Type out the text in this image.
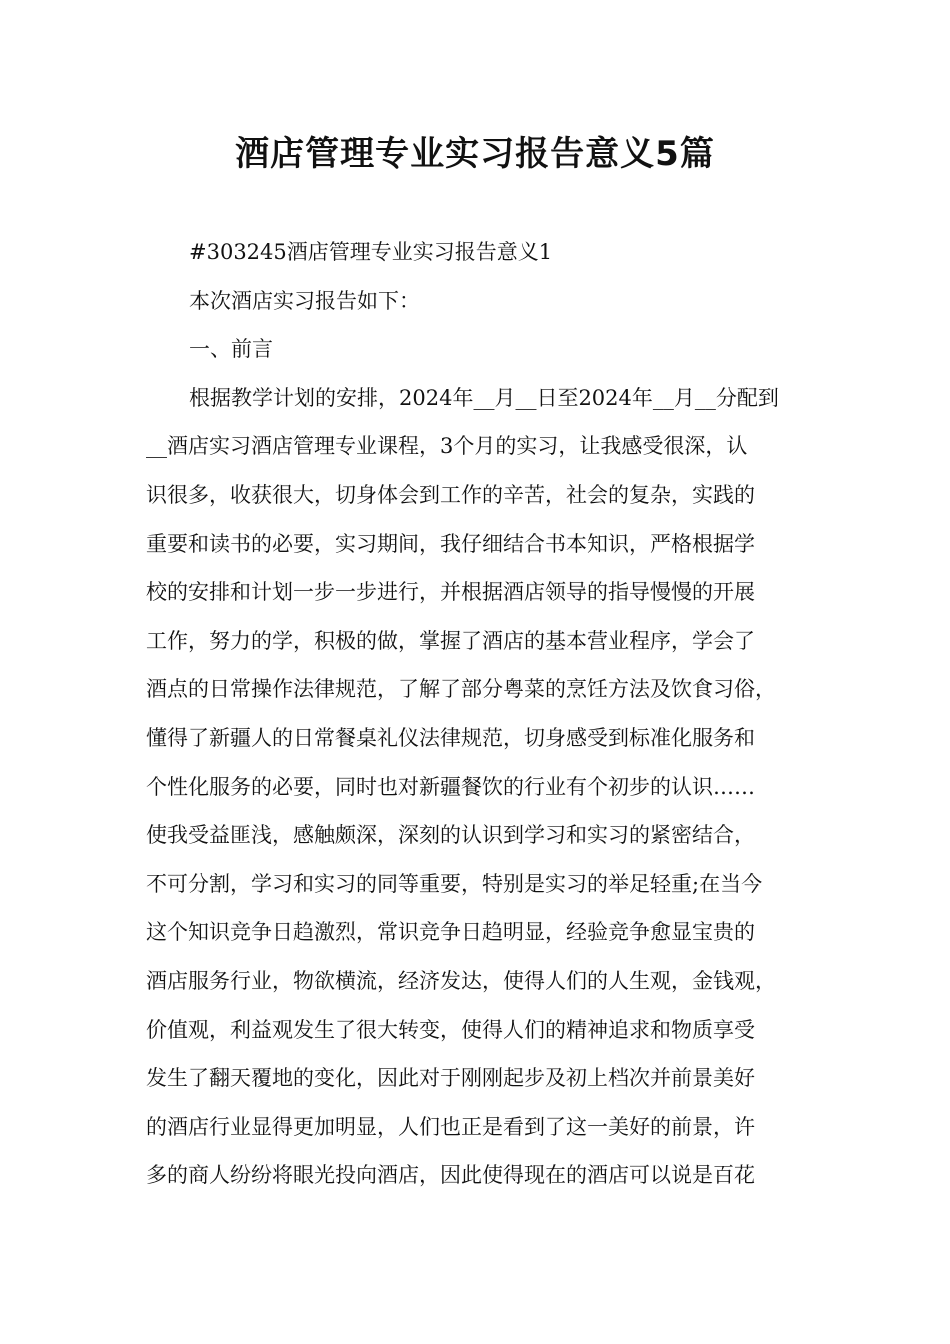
酒店管理专业实习报告意义5篇
#303245酒店管理专业实习报告意义1
本次酒店实习报告如下：
一、前言
根据教学计划的安排，2024年__月__日至2024年__月__分配到
__酒店实习酒店管理专业课程，3个月的实习，让我感受很深，认
识很多，收获很大，切身体会到工作的辛苦，社会的复杂，实践的
重要和读书的必要，实习期间，我仔细结合书本知识，严格根据学
校的安排和计划一步一步进行，并根据酒店领导的指导慢慢的开展
工作，努力的学，积极的做，掌握了酒店的基本营业程序，学会了
酒点的日常操作法律规范，了解了部分粤菜的烹饪方法及饮食习俗，
懂得了新疆人的日常餐桌礼仪法律规范，切身感受到标准化服务和
个性化服务的必要，同时也对新疆餐饮的行业有个初步的认识……
使我受益匪浅，感触颇深，深刻的认识到学习和实习的紧密结合，
不可分割，学习和实习的同等重要，特别是实习的举足轻重;在当今
这个知识竞争日趋激烈，常识竞争日趋明显，经验竞争愈显宝贵的
酒店服务行业，物欲横流，经济发达，使得人们的人生观，金钱观，
价值观，利益观发生了很大转变，使得人们的精神追求和物质享受
发生了翻天覆地的变化，因此对于刚刚起步及初上档次并前景美好
的酒店行业显得更加明显，人们也正是看到了这一美好的前景，许
多的商人纷纷将眼光投向酒店，因此使得现在的酒店可以说是百花
